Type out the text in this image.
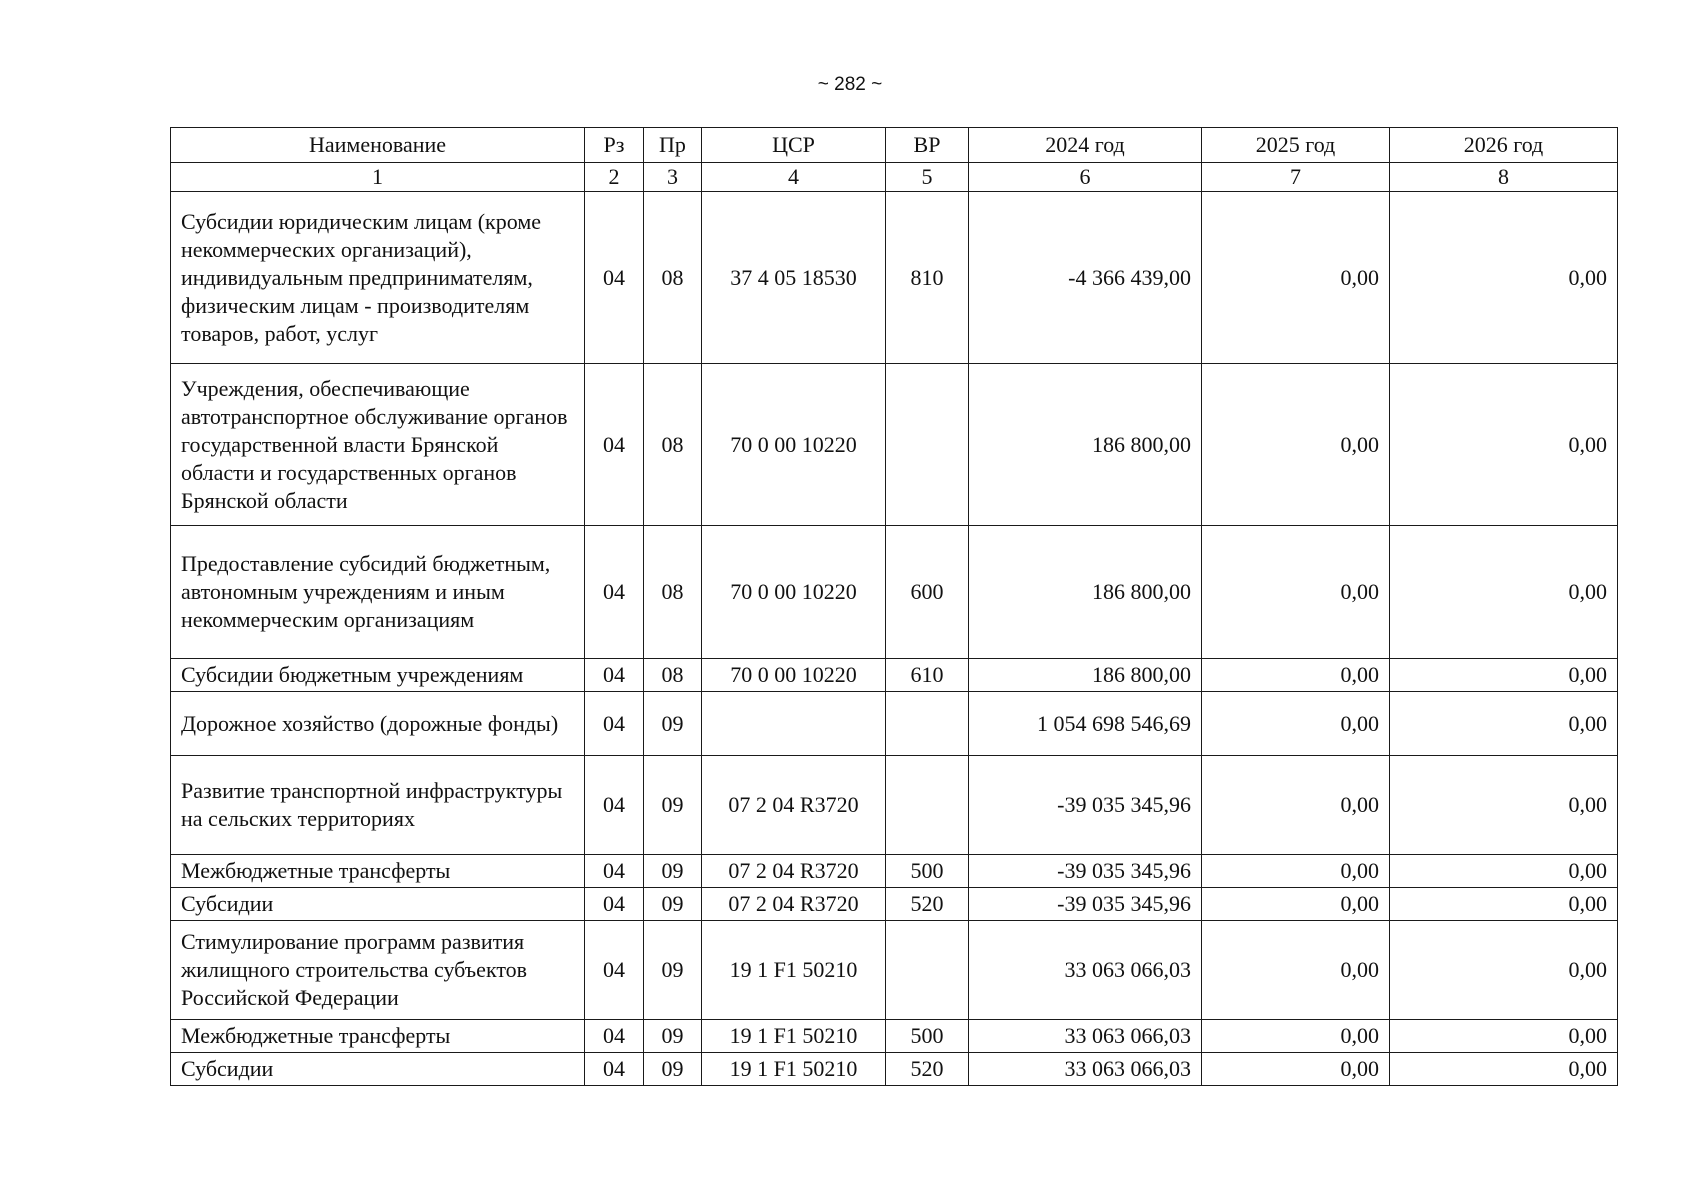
~ 282 ~
Наименование	Рз	Пр	ЦСР	ВР	2024 год	2025 год	2026 год
1	2	3	4	5	6	7	8
Субсидии юридическим лицам (кроме некоммерческих организаций), индивидуальным предпринимателям, физическим лицам - производителям товаров, работ, услуг	04	08	37 4 05 18530	810	-4 366 439,00	0,00	0,00
Учреждения, обеспечивающие автотранспортное обслуживание органов государственной власти Брянской области и государственных органов Брянской области	04	08	70 0 00 10220		186 800,00	0,00	0,00
Предоставление субсидий бюджетным, автономным учреждениям и иным некоммерческим организациям	04	08	70 0 00 10220	600	186 800,00	0,00	0,00
Субсидии бюджетным учреждениям	04	08	70 0 00 10220	610	186 800,00	0,00	0,00
Дорожное хозяйство (дорожные фонды)	04	09			1 054 698 546,69	0,00	0,00
Развитие транспортной инфраструктуры на сельских территориях	04	09	07 2 04 R3720		-39 035 345,96	0,00	0,00
Межбюджетные трансферты	04	09	07 2 04 R3720	500	-39 035 345,96	0,00	0,00
Субсидии	04	09	07 2 04 R3720	520	-39 035 345,96	0,00	0,00
Стимулирование программ развития жилищного строительства субъектов Российской Федерации	04	09	19 1 F1 50210		33 063 066,03	0,00	0,00
Межбюджетные трансферты	04	09	19 1 F1 50210	500	33 063 066,03	0,00	0,00
Субсидии	04	09	19 1 F1 50210	520	33 063 066,03	0,00	0,00
